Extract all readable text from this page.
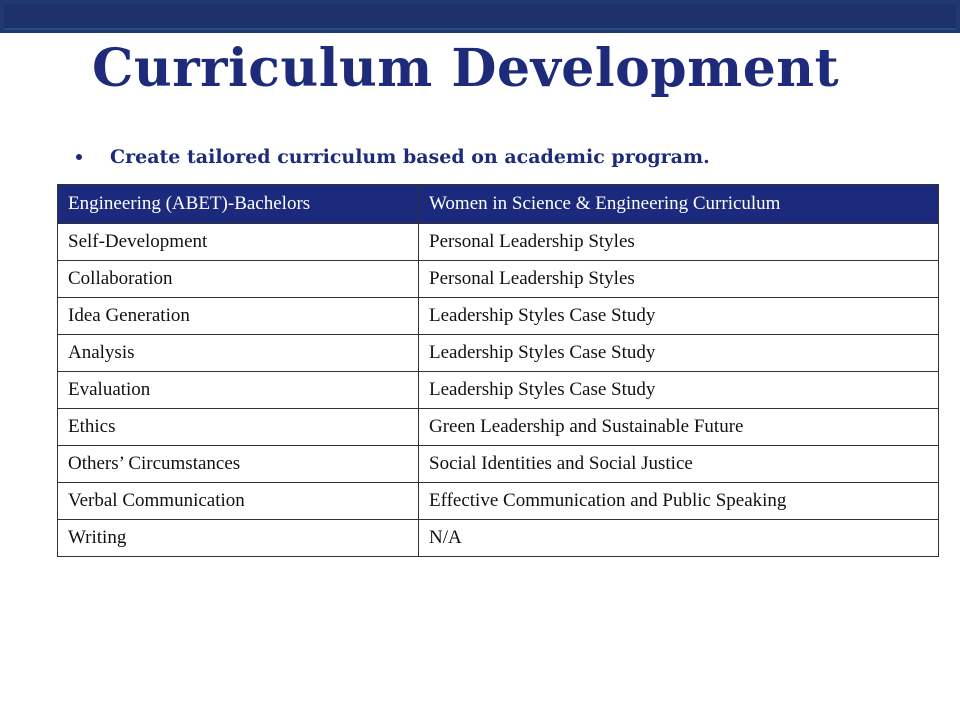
Curriculum Development
Create tailored curriculum based on academic program.
Engineering (ABET)-Bachelors	Women in Science & Engineering Curriculum
Self-Development	Personal Leadership Styles
Collaboration	Personal Leadership Styles
Idea Generation	Leadership Styles Case Study
Analysis	Leadership Styles Case Study
Evaluation	Leadership Styles Case Study
Ethics	Green Leadership and Sustainable Future
Others’ Circumstances	Social Identities and Social Justice
Verbal Communication	Effective Communication and Public Speaking
Writing	N/A
